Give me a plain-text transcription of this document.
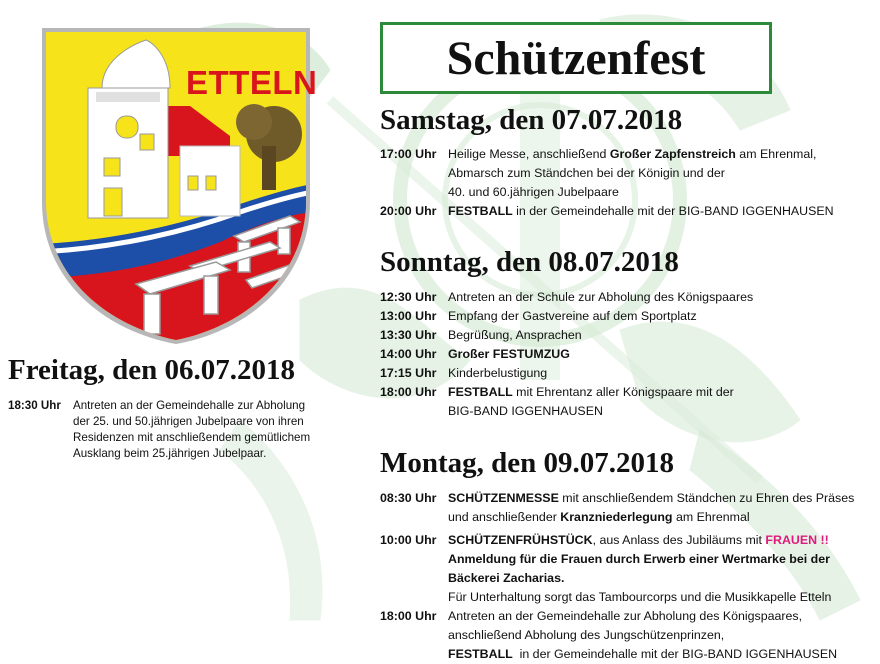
ETTELN	Schützenfest
Freitag, den 06.07.2018
18:30 Uhr	Antreten an der Gemeindehalle zur Abholung
der 25. und 50.jährigen Jubelpaare von ihren
Residenzen mit anschließendem gemütlichem
Ausklang beim 25.jährigen Jubelpaar.
Samstag, den 07.07.2018
17:00 Uhr Heilige Messe, anschließend Großer Zapfenstreich am Ehrenmal,
Abmarsch zum Ständchen bei der Königin und der
40. und 60.jährigen Jubelpaare
20:00 Uhr FESTBALL in der Gemeindehalle mit der BIG-BAND IGGENHAUSEN
Sonntag, den 08.07.2018
12:30 Uhr Antreten an der Schule zur Abholung des Königspaares
13:00 Uhr Empfang der Gastvereine auf dem Sportplatz
13:30 Uhr Begrüßung, Ansprachen
14:00 Uhr Großer FESTUMZUG
17:15 Uhr Kinderbelustigung
18:00 Uhr FESTBALL mit Ehrentanz aller Königspaare mit der
BIG-BAND IGGENHAUSEN
Montag, den 09.07.2018
08:30 Uhr SCHÜTZENMESSE mit anschließendem Ständchen zu Ehren des Präses
und anschließender Kranzniederlegung am Ehrenmal
10:00 Uhr SCHÜTZENFRÜHSTÜCK, aus Anlass des Jubiläums mit FRAUEN !!
Anmeldung für die Frauen durch Erwerb einer Wertmarke bei der
Bäckerei Zacharias.
Für Unterhaltung sorgt das Tambourcorps und die Musikkapelle Etteln
18:00 Uhr Antreten an der Gemeindehalle zur Abholung des Königspaares,
anschließend Abholung des Jungschützenprinzen,
FESTBALL  in der Gemeindehalle mit der BIG-BAND IGGENHAUSEN
